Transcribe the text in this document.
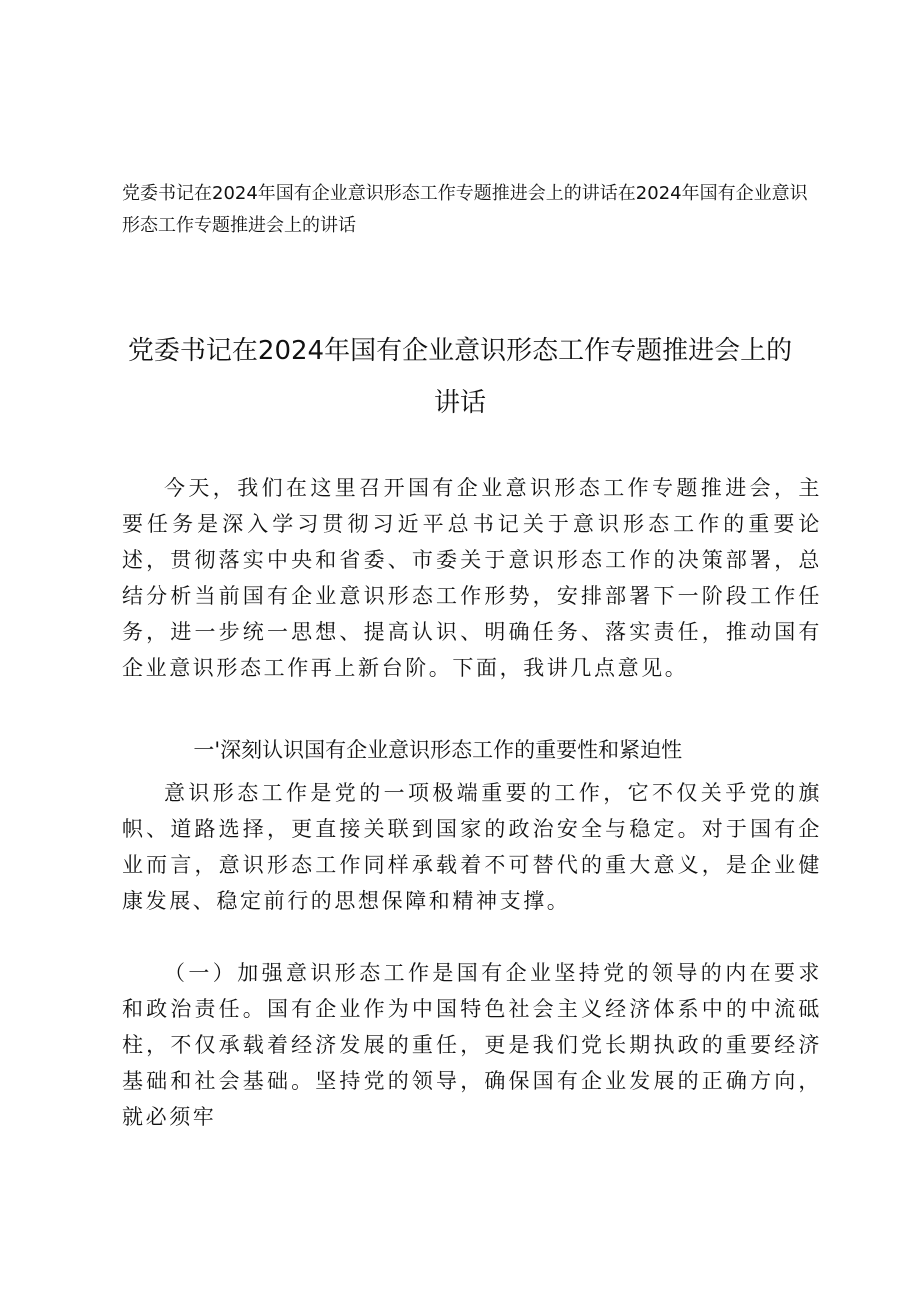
党委书记在2024年国有企业意识形态工作专题推进会上的讲话在2024年国有企业意识形态工作专题推进会上的讲话

党委书记在2024年国有企业意识形态工作专题推进会上的讲话

今天，我们在这里召开国有企业意识形态工作专题推进会，主要任务是深入学习贯彻习近平总书记关于意识形态工作的重要论述，贯彻落实中央和省委、市委关于意识形态工作的决策部署，总结分析当前国有企业意识形态工作形势，安排部署下一阶段工作任务，进一步统一思想、提高认识、明确任务、落实责任，推动国有企业意识形态工作再上新台阶。下面，我讲几点意见。

一'深刻认识国有企业意识形态工作的重要性和紧迫性

意识形态工作是党的一项极端重要的工作，它不仅关乎党的旗帜、道路选择，更直接关联到国家的政治安全与稳定。对于国有企业而言，意识形态工作同样承载着不可替代的重大意义，是企业健康发展、稳定前行的思想保障和精神支撑。

（一）加强意识形态工作是国有企业坚持党的领导的内在要求和政治责任。国有企业作为中国特色社会主义经济体系中的中流砥柱，不仅承载着经济发展的重任，更是我们党长期执政的重要经济基础和社会基础。坚持党的领导，确保国有企业发展的正确方向，就必须牢
